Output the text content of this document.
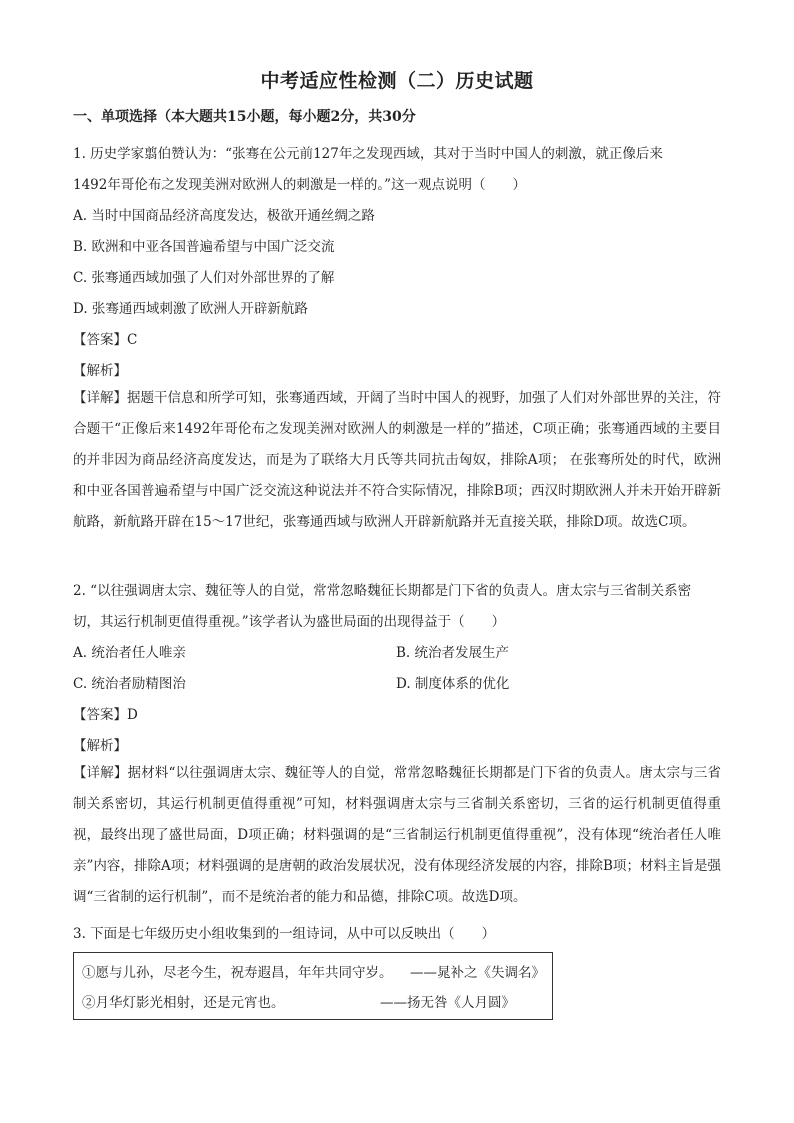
中考适应性检测（二）历史试题
一、单项选择（本大题共15小题，每小题2分，共30分
1. 历史学家翦伯赞认为：“张骞在公元前127年之发现西域，其对于当时中国人的刺激，就正像后来
1492年哥伦布之发现美洲对欧洲人的刺激是一样的。”这一观点说明（　　）
A. 当时中国商品经济高度发达，极欲开通丝绸之路
B. 欧洲和中亚各国普遍希望与中国广泛交流
C. 张骞通西域加强了人们对外部世界的了解
D. 张骞通西域刺激了欧洲人开辟新航路
【答案】C
【解析】
【详解】据题干信息和所学可知，张骞通西域，开阔了当时中国人的视野，加强了人们对外部世界的关注，符合题干“正像后来1492年哥伦布之发现美洲对欧洲人的刺激是一样的”描述，C项正确；张骞通西域的主要目的并非因为商品经济高度发达，而是为了联络大月氏等共同抗击匈奴，排除A项； 在张骞所处的时代，欧洲和中亚各国普遍希望与中国广泛交流这种说法并不符合实际情况，排除B项；西汉时期欧洲人并未开始开辟新航路，新航路开辟在15～17世纪，张骞通西域与欧洲人开辟新航路并无直接关联，排除D项。故选C项。
2. “以往强调唐太宗、魏征等人的自觉，常常忽略魏征长期都是门下省的负责人。唐太宗与三省制关系密
切，其运行机制更值得重视。”该学者认为盛世局面的出现得益于（　　）
A. 统治者任人唯亲	B. 统治者发展生产
C. 统治者励精图治	D. 制度体系的优化
【答案】D
【解析】
【详解】据材料“以往强调唐太宗、魏征等人的自觉，常常忽略魏征长期都是门下省的负责人。唐太宗与三省制关系密切，其运行机制更值得重视”可知，材料强调唐太宗与三省制关系密切，三省的运行机制更值得重视，最终出现了盛世局面，D项正确；材料强调的是“三省制运行机制更值得重视”，没有体现“统治者任人唯亲”内容，排除A项；材料强调的是唐朝的政治发展状况，没有体现经济发展的内容，排除B项；材料主旨是强调“三省制的运行机制”，而不是统治者的能力和品德，排除C项。故选D项。
3. 下面是七年级历史小组收集到的一组诗词，从中可以反映出（　　）
①愿与儿孙，尽老今生，祝寿遐昌，年年共同守岁。 ——晁补之《失调名》
②月华灯影光相射，还是元宵也。	——扬无咎《人月圆》
